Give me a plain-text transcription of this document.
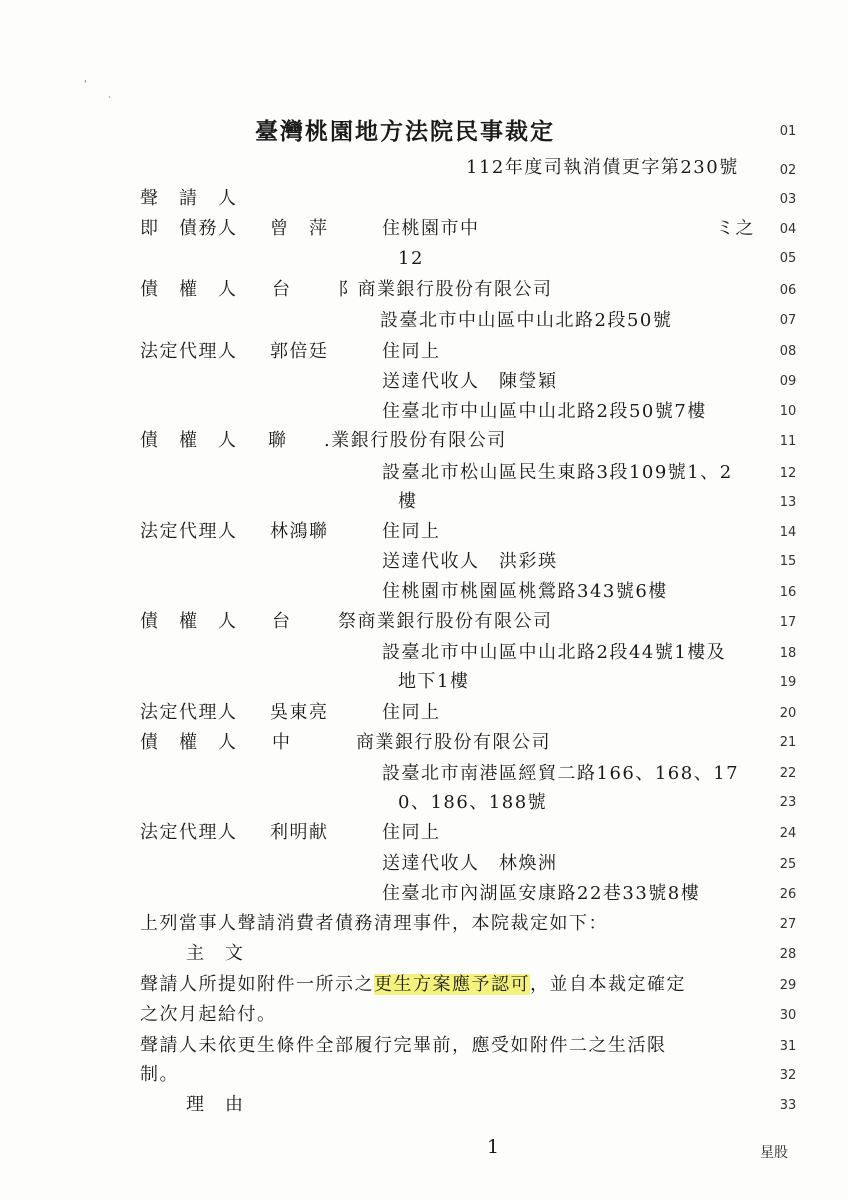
'
ˎ
臺灣桃園地方法院民事裁定
112年度司執消債更字第230號
聲　請　人
即　債務人 曾　萍	住桃園市中	ミ之
12
債　權　人 台	阝商業銀行股份有限公司
設臺北市中山區中山北路2段50號
法定代理人 郭倍廷	住同上
送達代收人　陳瑩穎
住臺北市中山區中山北路2段50號7樓
債　權　人 聯 .業銀行股份有限公司
設臺北市松山區民生東路3段109號1、2
樓
法定代理人 林鴻聯	住同上
送達代收人　洪彩瑛
住桃園市桃園區桃鶯路343號6樓
債　權　人 台	祭商業銀行股份有限公司
設臺北市中山區中山北路2段44號1樓及
地下1樓
法定代理人 吳東亮	住同上
債　權　人 中	商業銀行股份有限公司
設臺北市南港區經貿二路166、168、17
0、186、188號
法定代理人 利明献	住同上
送達代收人　林煥洲
住臺北市內湖區安康路22巷33號8樓
上列當事人聲請消費者債務清理事件，本院裁定如下：
主　文
聲請人所提如附件一所示之更生方案應予認可，並自本裁定確定
之次月起給付。
聲請人未依更生條件全部履行完畢前，應受如附件二之生活限
制。
理　由
01
02
03
04
05
06
07
08
09
10
11
12
13
14
15
16
17
18
19
20
21
22
23
24
25
26
27
28
29
30
31
32
33
1	星股
